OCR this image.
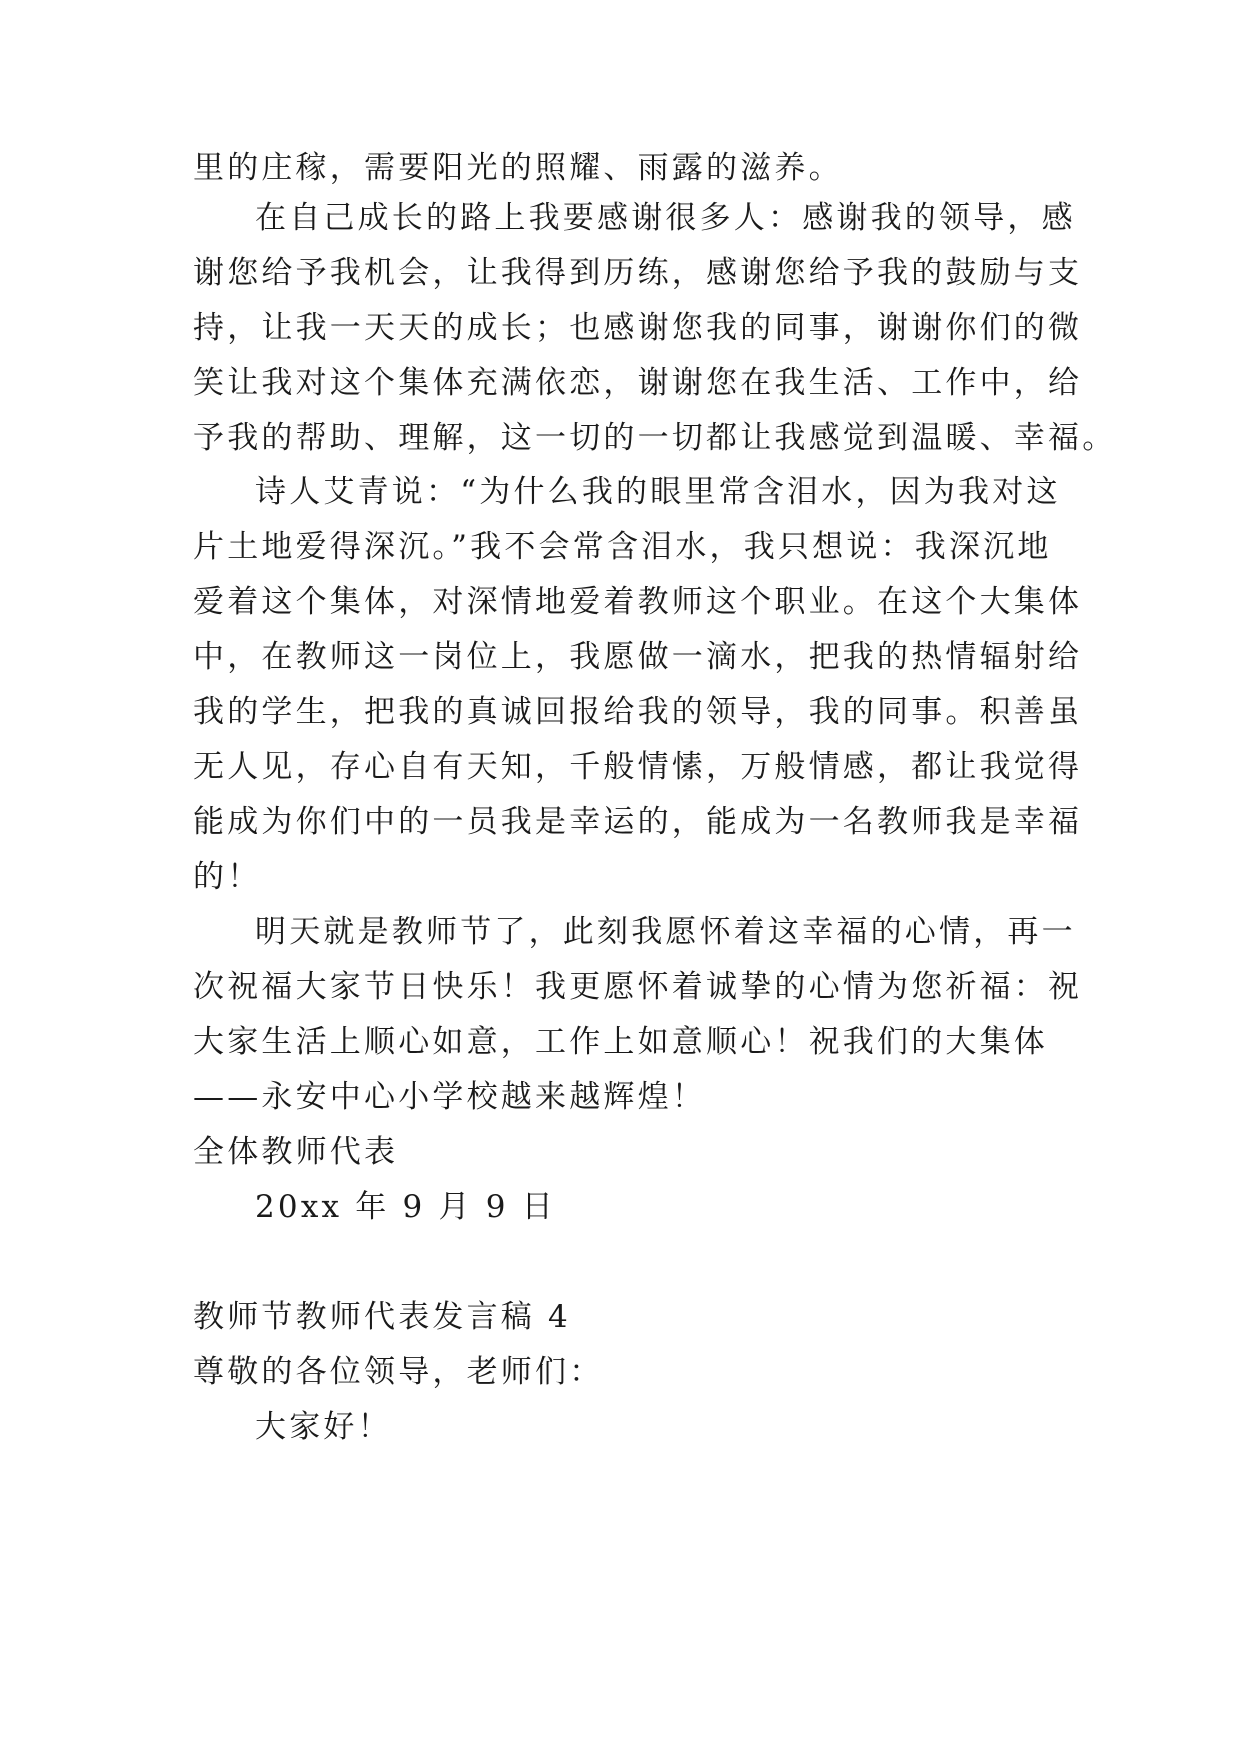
里的庄稼，需要阳光的照耀、雨露的滋养。
在自己成长的路上我要感谢很多人：感谢我的领导，感
谢您给予我机会，让我得到历练，感谢您给予我的鼓励与支
持，让我一天天的成长；也感谢您我的同事，谢谢你们的微
笑让我对这个集体充满依恋，谢谢您在我生活、工作中，给
予我的帮助、理解，这一切的一切都让我感觉到温暖、幸福。
诗人艾青说：“为什么我的眼里常含泪水，因为我对这
片土地爱得深沉。”我不会常含泪水，我只想说：我深沉地
爱着这个集体，对深情地爱着教师这个职业。在这个大集体
中，在教师这一岗位上，我愿做一滴水，把我的热情辐射给
我的学生，把我的真诚回报给我的领导，我的同事。积善虽
无人见，存心自有天知，千般情愫，万般情感，都让我觉得
能成为你们中的一员我是幸运的，能成为一名教师我是幸福
的！
明天就是教师节了，此刻我愿怀着这幸福的心情，再一
次祝福大家节日快乐！我更愿怀着诚挚的心情为您祈福：祝
大家生活上顺心如意，工作上如意顺心！祝我们的大集体
——永安中心小学校越来越辉煌！
全体教师代表
20xx 年 9 月 9 日
教师节教师代表发言稿 4
尊敬的各位领导，老师们：
大家好！
